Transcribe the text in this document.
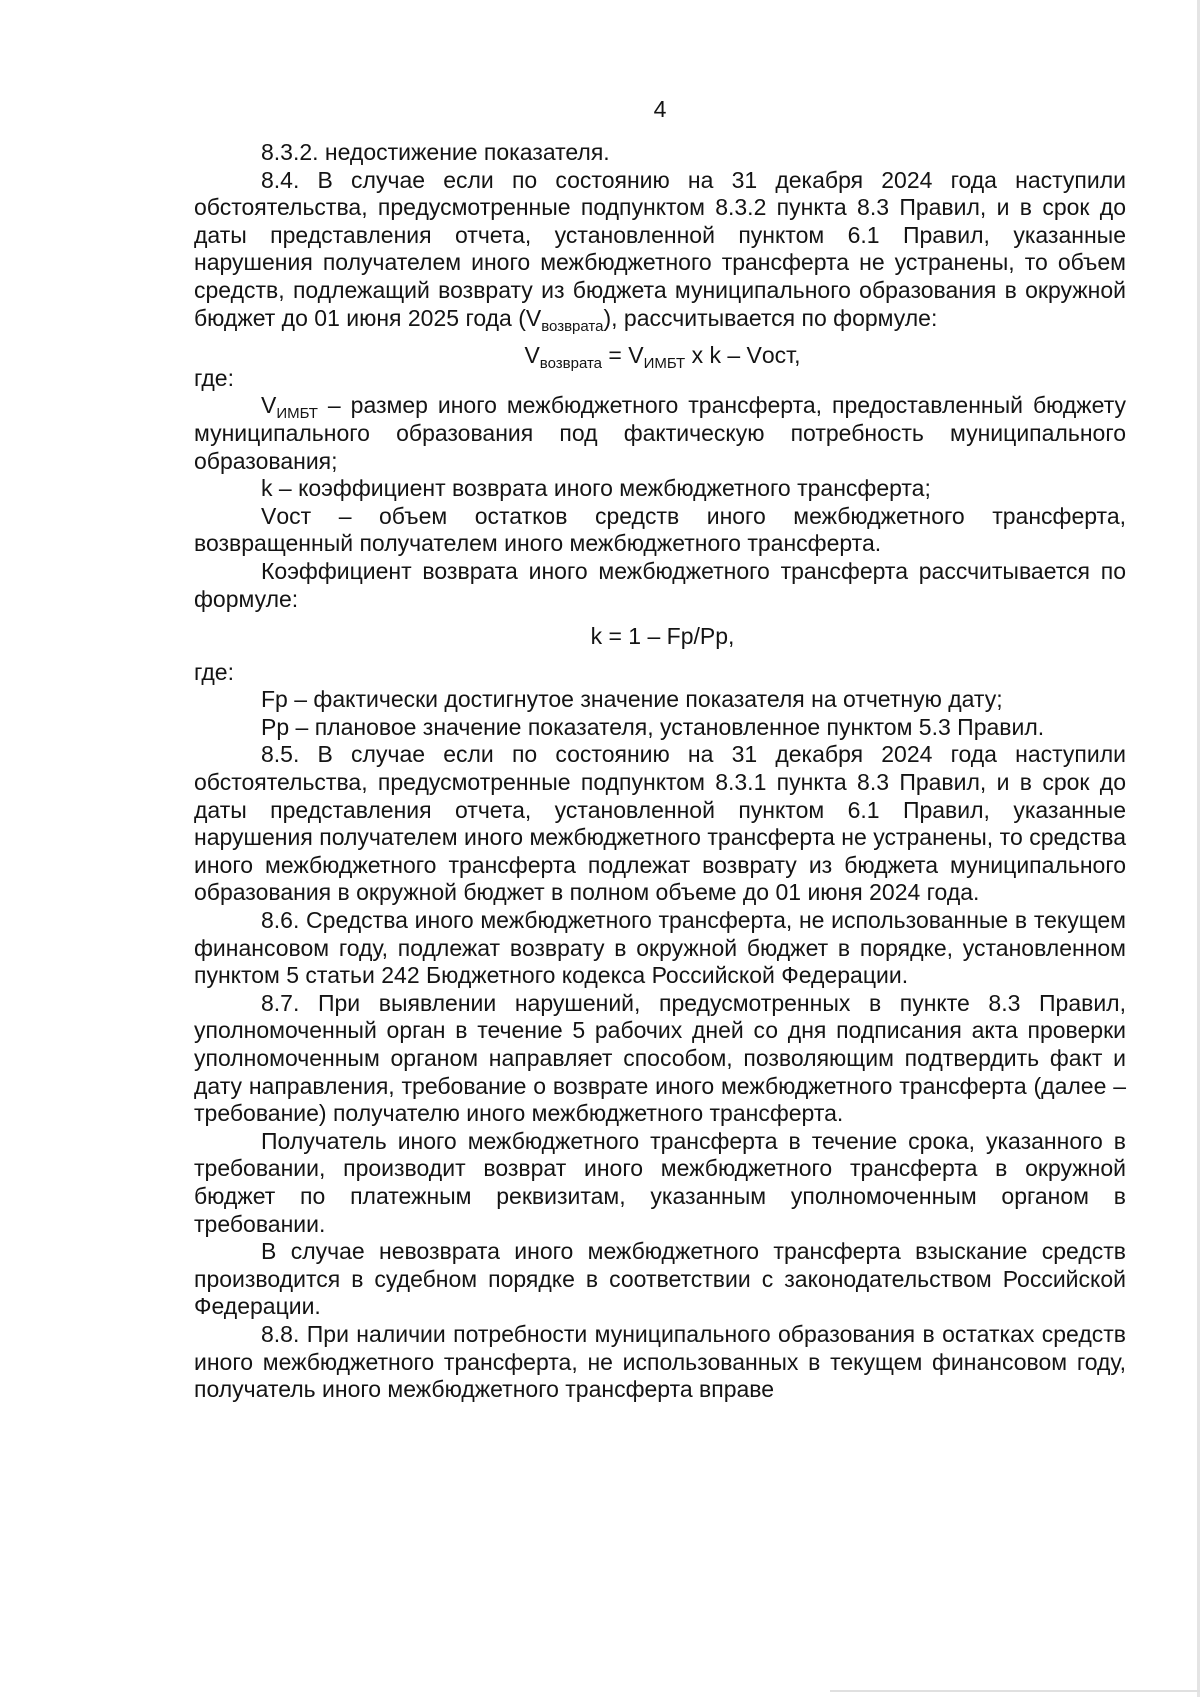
4

8.3.2. недостижение показателя.

8.4. В случае если по состоянию на 31 декабря 2024 года наступили обстоятельства, предусмотренные подпунктом 8.3.2 пункта 8.3 Правил, и в срок до даты представления отчета, установленной пунктом 6.1 Правил, указанные нарушения получателем иного межбюджетного трансферта не устранены, то объем средств, подлежащий возврату из бюджета муниципального образования в окружной бюджет до 01 июня 2025 года $(V_{возврата})$, рассчитывается по формуле:

$V_{возврата} = V_{ИМБТ}$ x k – Vост,

где:

$V_{ИМБТ}$ – размер иного межбюджетного трансферта, предоставленный бюджету муниципального образования под фактическую потребность муниципального образования;

k – коэффициент возврата иного межбюджетного трансферта;

Vост – объем остатков средств иного межбюджетного трансферта, возвращенный получателем иного межбюджетного трансферта.

Коэффициент возврата иного межбюджетного трансферта рассчитывается по формуле:

k = 1 – Fp/Pp,

где:

Fp – фактически достигнутое значение показателя на отчетную дату;

Pp – плановое значение показателя, установленное пунктом 5.3 Правил.

8.5. В случае если по состоянию на 31 декабря 2024 года наступили обстоятельства, предусмотренные подпунктом 8.3.1 пункта 8.3 Правил, и в срок до даты представления отчета, установленной пунктом 6.1 Правил, указанные нарушения получателем иного межбюджетного трансферта не устранены, то средства иного межбюджетного трансферта подлежат возврату из бюджета муниципального образования в окружной бюджет в полном объеме до 01 июня 2024 года.

8.6. Средства иного межбюджетного трансферта, не использованные в текущем финансовом году, подлежат возврату в окружной бюджет в порядке, установленном пунктом 5 статьи 242 Бюджетного кодекса Российской Федерации.

8.7. При выявлении нарушений, предусмотренных в пункте 8.3 Правил, уполномоченный орган в течение 5 рабочих дней со дня подписания акта проверки уполномоченным органом направляет способом, позволяющим подтвердить факт и дату направления, требование о возврате иного межбюджетного трансферта (далее – требование) получателю иного межбюджетного трансферта.

Получатель иного межбюджетного трансферта в течение срока, указанного в требовании, производит возврат иного межбюджетного трансферта в окружной бюджет по платежным реквизитам, указанным уполномоченным органом в требовании.

В случае невозврата иного межбюджетного трансферта взыскание средств производится в судебном порядке в соответствии с законодательством Российской Федерации.

8.8. При наличии потребности муниципального образования в остатках средств иного межбюджетного трансферта, не использованных в текущем финансовом году, получатель иного межбюджетного трансферта вправе
